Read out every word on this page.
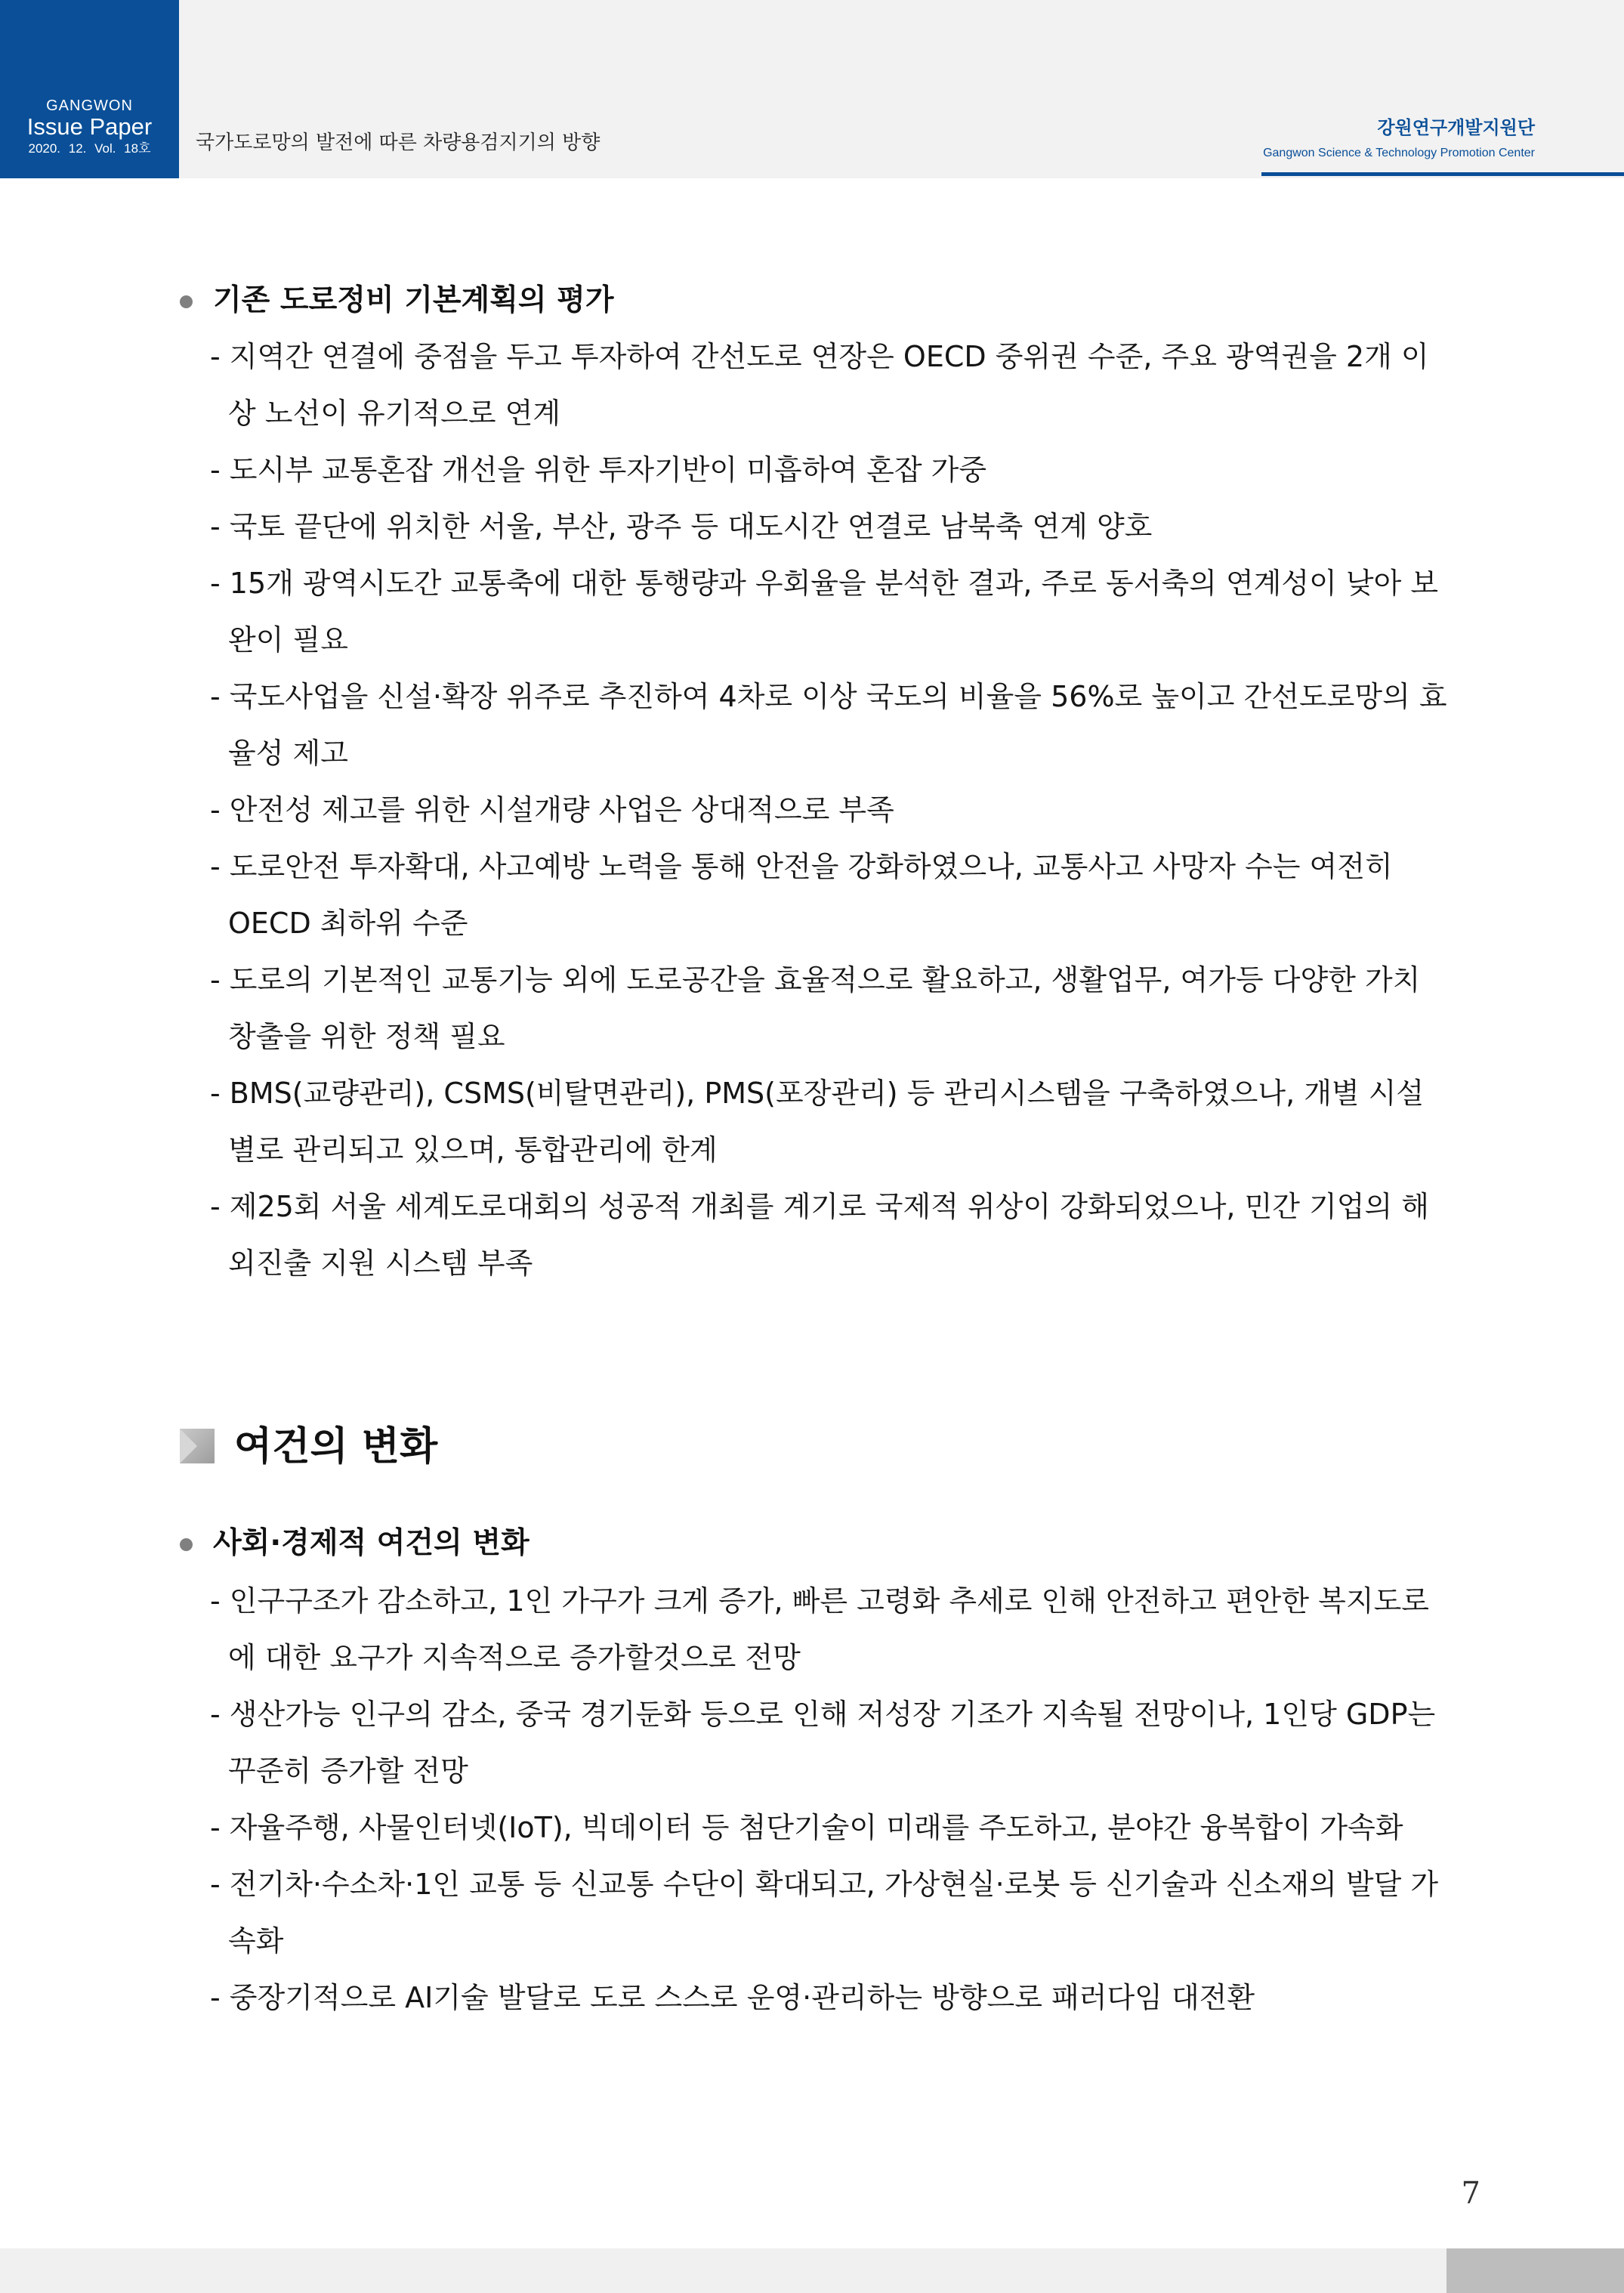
GANGWON
Issue Paper
2020. 12. Vol. 18호	국가도로망의 발전에 따른 차량용검지기의 방향
강원연구개발지원단
Gangwon Science & Technology Promotion Center
기존 도로정비 기본계획의 평가
- 지역간 연결에 중점을 두고 투자하여 간선도로 연장은 OECD 중위권 수준, 주요 광역권을 2개 이상 노선이 유기적으로 연계
- 도시부 교통혼잡 개선을 위한 투자기반이 미흡하여 혼잡 가중
- 국토 끝단에 위치한 서울, 부산, 광주 등 대도시간 연결로 남북축 연계 양호
- 15개 광역시도간 교통축에 대한 통행량과 우회율을 분석한 결과, 주로 동서축의 연계성이 낮아 보완이 필요
- 국도사업을 신설·확장 위주로 추진하여 4차로 이상 국도의 비율을 56%로 높이고 간선도로망의 효율성 제고
- 안전성 제고를 위한 시설개량 사업은 상대적으로 부족
- 도로안전 투자확대, 사고예방 노력을 통해 안전을 강화하였으나, 교통사고 사망자 수는 여전히 OECD 최하위 수준
- 도로의 기본적인 교통기능 외에 도로공간을 효율적으로 활요하고, 생활업무, 여가등 다양한 가치 창출을 위한 정책 필요
- BMS(교량관리), CSMS(비탈면관리), PMS(포장관리) 등 관리시스템을 구축하였으나, 개별 시설별로 관리되고 있으며, 통합관리에 한계
- 제25회 서울 세계도로대회의 성공적 개최를 계기로 국제적 위상이 강화되었으나, 민간 기업의 해외진출 지원 시스템 부족
여건의 변화
사회·경제적 여건의 변화
- 인구구조가 감소하고, 1인 가구가 크게 증가, 빠른 고령화 추세로 인해 안전하고 편안한 복지도로에 대한 요구가 지속적으로 증가할것으로 전망
- 생산가능 인구의 감소, 중국 경기둔화 등으로 인해 저성장 기조가 지속될 전망이나, 1인당 GDP는 꾸준히 증가할 전망
- 자율주행, 사물인터넷(IoT), 빅데이터 등 첨단기술이 미래를 주도하고, 분야간 융복합이 가속화
- 전기차·수소차·1인 교통 등 신교통 수단이 확대되고, 가상현실·로봇 등 신기술과 신소재의 발달 가속화
- 중장기적으로 AI기술 발달로 도로 스스로 운영·관리하는 방향으로 패러다임 대전환
7
